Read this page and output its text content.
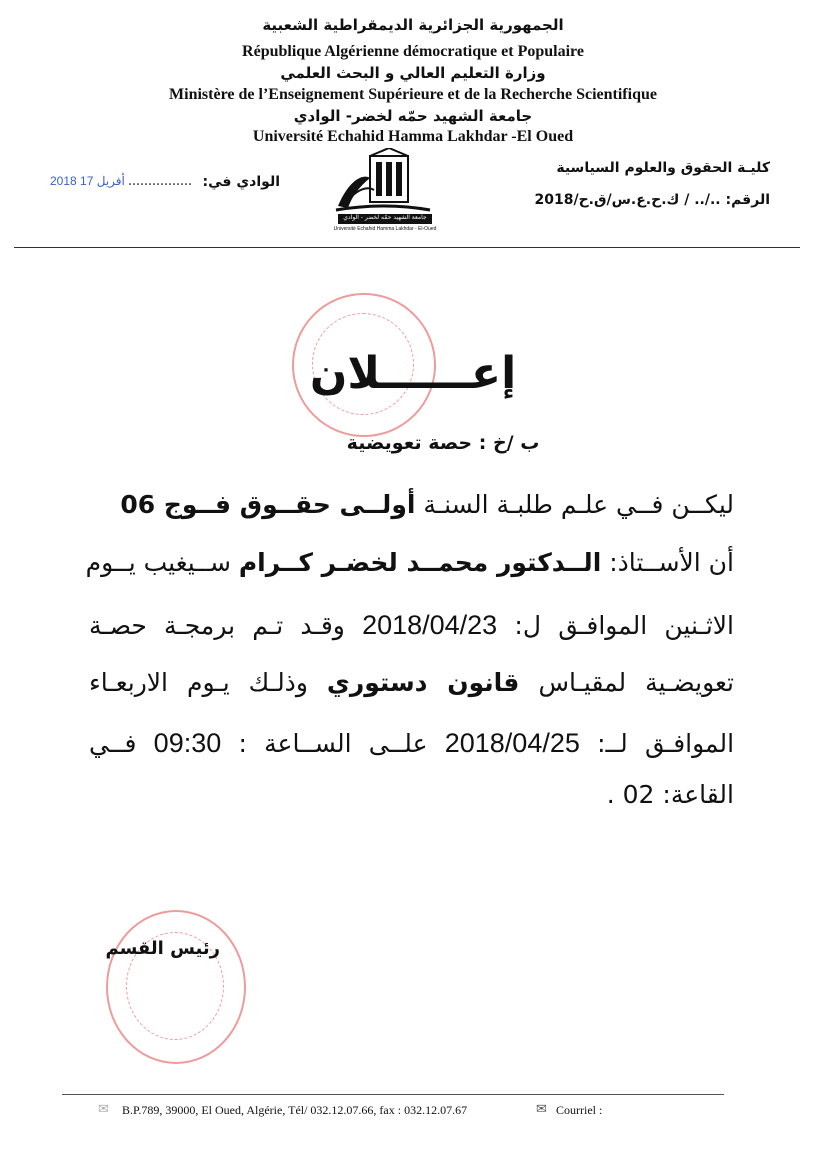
الجمهورية الجزائرية الديمقراطية الشعبية
République Algérienne démocratique et Populaire
وزارة التعليم العالي و البحث العلمي
Ministère de l’Enseignement Supérieure et de la Recherche Scientifique
جامعة الشهيد حمّه لخضر- الوادي
Université Echahid Hamma Lakhdar -El Oued
كليـة الحقوق والعلوم السياسية
الرقم: ../.. / ك.ح.ع.س/ق.ح/2018
2018 أفريل 17 ................ الوادي في:
جامعة الشهيد حمّه لخضر - الوادي
Université Echahid Hamma Lakhdar - El-Oued
إعــــــلان
ب /خ : حصة تعويضية
ليكــن فــي علـم طلبـة السنـة أولــى حقــوق فــوج 06
أن الأســتاذ: الــدكتور محمــد لخضـر كــرام ســيغيب يــوم
الاثـنين الموافـق ل: 2018/04/23 وقـد تـم برمجـة حصـة
تعويضـية لمقيـاس قانون دستوري وذلـك يـوم الاربعـاء
الموافـق لــ: 2018/04/25 علــى الســاعة : 09:30 فــي
القاعة: 02 .
رئيس القسم
✉ B.P.789, 39000, El Oued, Algérie, Tél/ 032.12.07.66, fax : 032.12.07.67	✉ Courriel :
